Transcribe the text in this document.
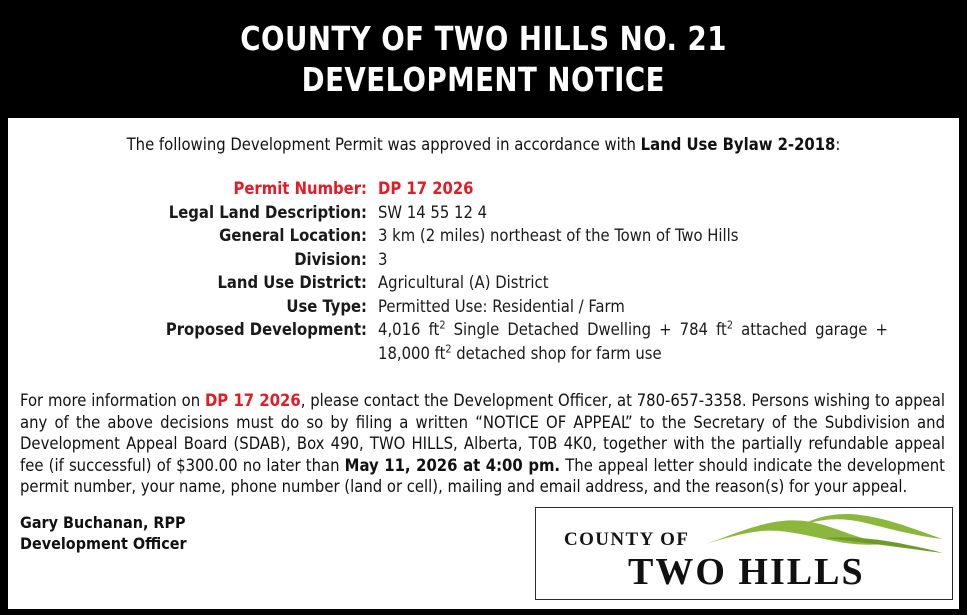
COUNTY OF TWO HILLS NO. 21
DEVELOPMENT NOTICE
The following Development Permit was approved in accordance with Land Use Bylaw 2-2018:
Permit Number: DP 17 2026
Legal Land Description: SW 14 55 12 4
General Location: 3 km (2 miles) northeast of the Town of Two Hills
Division: 3
Land Use District: Agricultural (A) District
Use Type: Permitted Use: Residential / Farm
Proposed Development: 4,016 $ft^2$ Single Detached Dwelling + 784 $ft^2$ attached garage + 18,000 $ft^2$ detached shop for farm use
For more information on DP 17 2026, please contact the Development Officer, at 780-657-3358. Persons wishing to appeal any of the above decisions must do so by filing a written “NOTICE OF APPEAL” to the Secretary of the Subdivision and Development Appeal Board (SDAB), Box 490, TWO HILLS, Alberta, T0B 4K0, together with the partially refundable appeal fee (if successful) of $300.00 no later than May 11, 2026 at 4:00 pm. The appeal letter should indicate the development permit number, your name, phone number (land or cell), mailing and email address, and the reason(s) for your appeal.
Gary Buchanan, RPP
Development Officer	COUNTY OF
TWO HILLS
